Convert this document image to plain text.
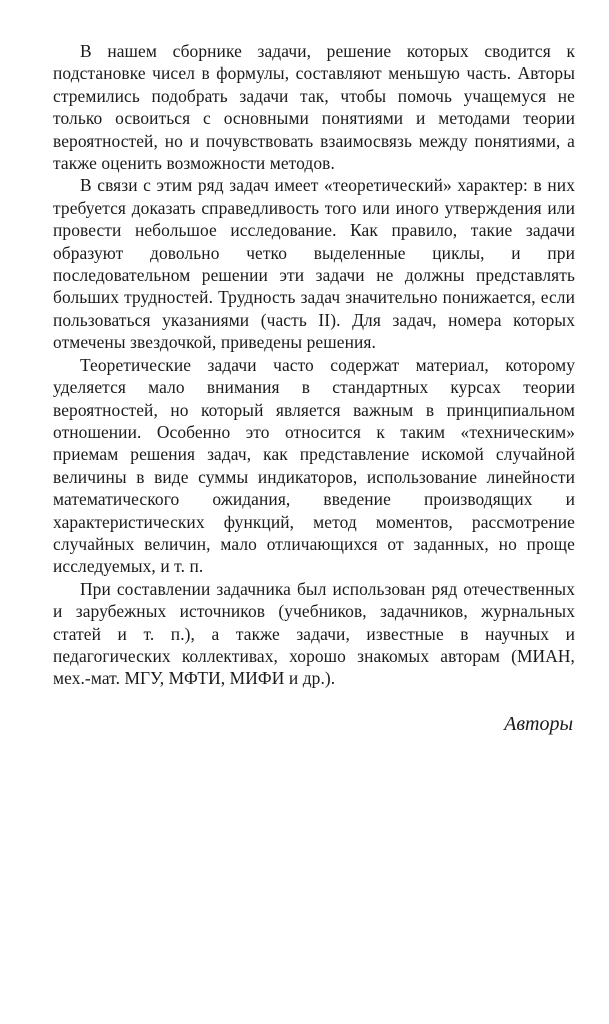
В нашем сборнике задачи, решение которых сводится к подстановке чисел в формулы, составляют меньшую часть. Авторы стремились подобрать задачи так, чтобы помочь учащемуся не только освоиться с основными понятиями и методами теории вероятностей, но и почувствовать взаимосвязь между понятиями, а также оценить возможности методов.

В связи с этим ряд задач имеет «теоретический» характер: в них требуется доказать справедливость того или иного утверждения или провести небольшое исследование. Как правило, такие задачи образуют довольно четко выделенные циклы, и при последовательном решении эти задачи не должны представлять больших трудностей. Трудность задач значительно понижается, если пользоваться указаниями (часть II). Для задач, номера которых отмечены звездочкой, приведены решения.

Теоретические задачи часто содержат материал, которому уделяется мало внимания в стандартных курсах теории вероятностей, но который является важным в принципиальном отношении. Особенно это относится к таким «техническим» приемам решения задач, как представление искомой случайной величины в виде суммы индикаторов, использование линейности математического ожидания, введение производящих и характеристических функций, метод моментов, рассмотрение случайных величин, мало отличающихся от заданных, но проще исследуемых, и т. п.

При составлении задачника был использован ряд отечественных и зарубежных источников (учебников, задачников, журнальных статей и т. п.), а также задачи, известные в научных и педагогических коллективах, хорошо знакомых авторам (МИАН, мех.-мат. МГУ, МФТИ, МИФИ и др.).

Авторы
